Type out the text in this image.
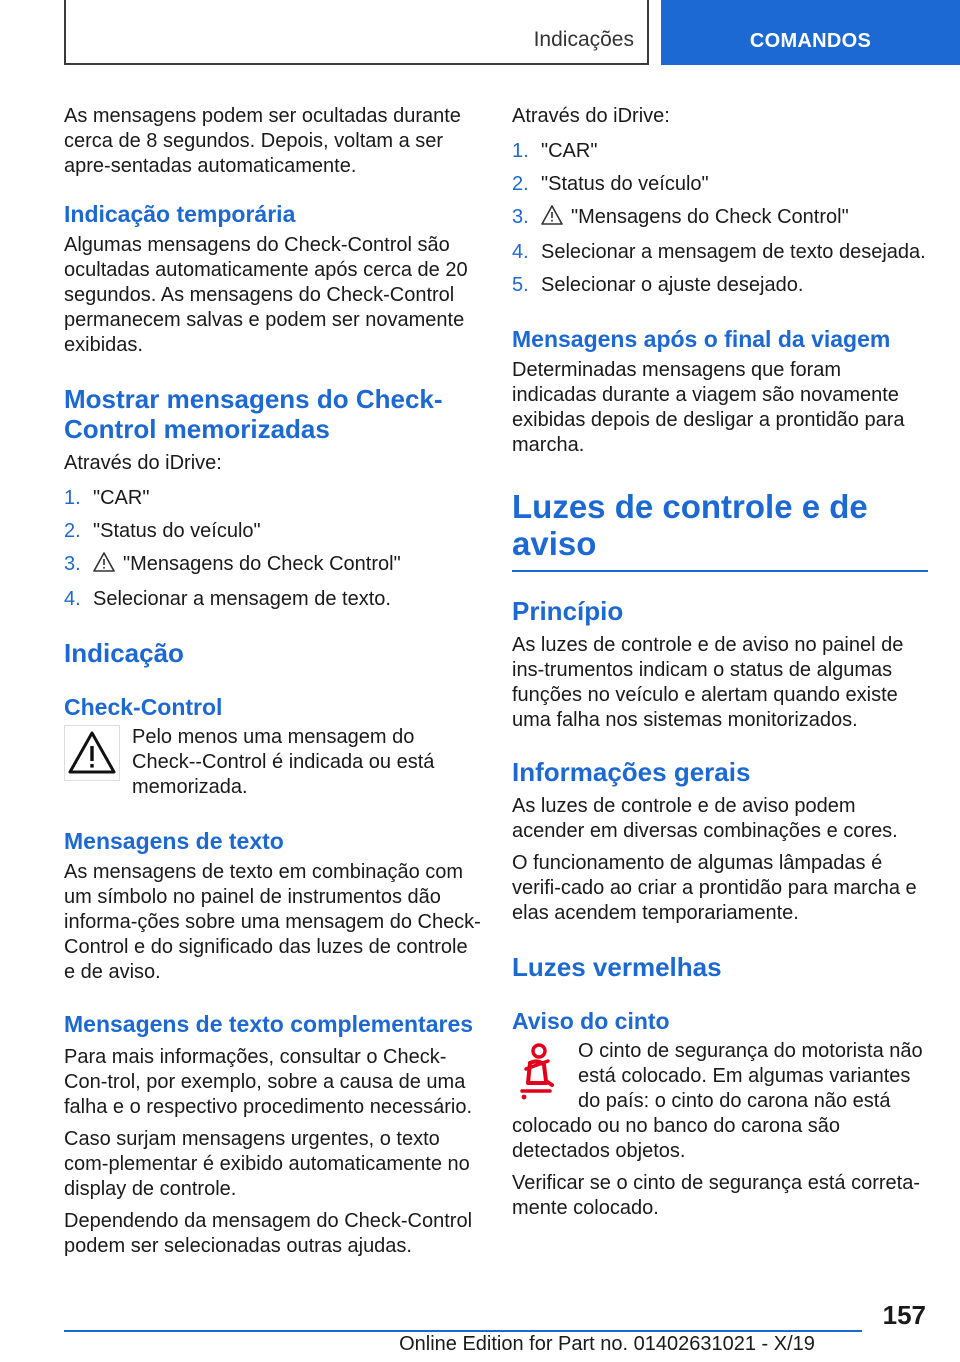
Indicações	COMANDOS

As mensagens podem ser ocultadas durante cerca de 8 segundos. Depois, voltam a ser apre-sentadas automaticamente.

Indicação temporária

Algumas mensagens do Check-Control são ocultadas automaticamente após cerca de 20 segundos. As mensagens do Check-Control permanecem salvas e podem ser novamente exibidas.

Mostrar mensagens do Check-Control memorizadas

Através do iDrive:

1. "CAR"
2. "Status do veículo"
3.	"Mensagens do Check Control"
4. Selecionar a mensagem de texto.
Indicação
Check-Control

Pelo menos uma mensagem do Check--Control é indicada ou está memorizada.

Mensagens de texto

As mensagens de texto em combinação com um símbolo no painel de instrumentos dão informa-ções sobre uma mensagem do Check-Control e do significado das luzes de controle e de aviso.

Mensagens de texto complementares

Para mais informações, consultar o Check-Con-trol, por exemplo, sobre a causa de uma falha e o respectivo procedimento necessário.

Caso surjam mensagens urgentes, o texto com-plementar é exibido automaticamente no display de controle.

Dependendo da mensagem do Check-Control podem ser selecionadas outras ajudas.

Através do iDrive:

1. "CAR"
2. "Status do veículo"
3.	"Mensagens do Check Control"
4. Selecionar a mensagem de texto desejada.
5. Selecionar o ajuste desejado.
Mensagens após o final da viagem

Determinadas mensagens que foram indicadas durante a viagem são novamente exibidas depois de desligar a prontidão para marcha.

Luzes de controle e de aviso
Princípio

As luzes de controle e de aviso no painel de ins-trumentos indicam o status de algumas funções no veículo e alertam quando existe uma falha nos sistemas monitorizados.

Informações gerais

As luzes de controle e de aviso podem acender em diversas combinações e cores.

O funcionamento de algumas lâmpadas é verifi-cado ao criar a prontidão para marcha e elas acendem temporariamente.

Luzes vermelhas
Aviso do cinto

O cinto de segurança do motorista não está colocado. Em algumas variantes do país: o cinto do carona não está colocado ou no banco do carona são detectados objetos.

Verificar se o cinto de segurança está correta-mente colocado.

157
Online Edition for Part no. 01402631021 - X/19
